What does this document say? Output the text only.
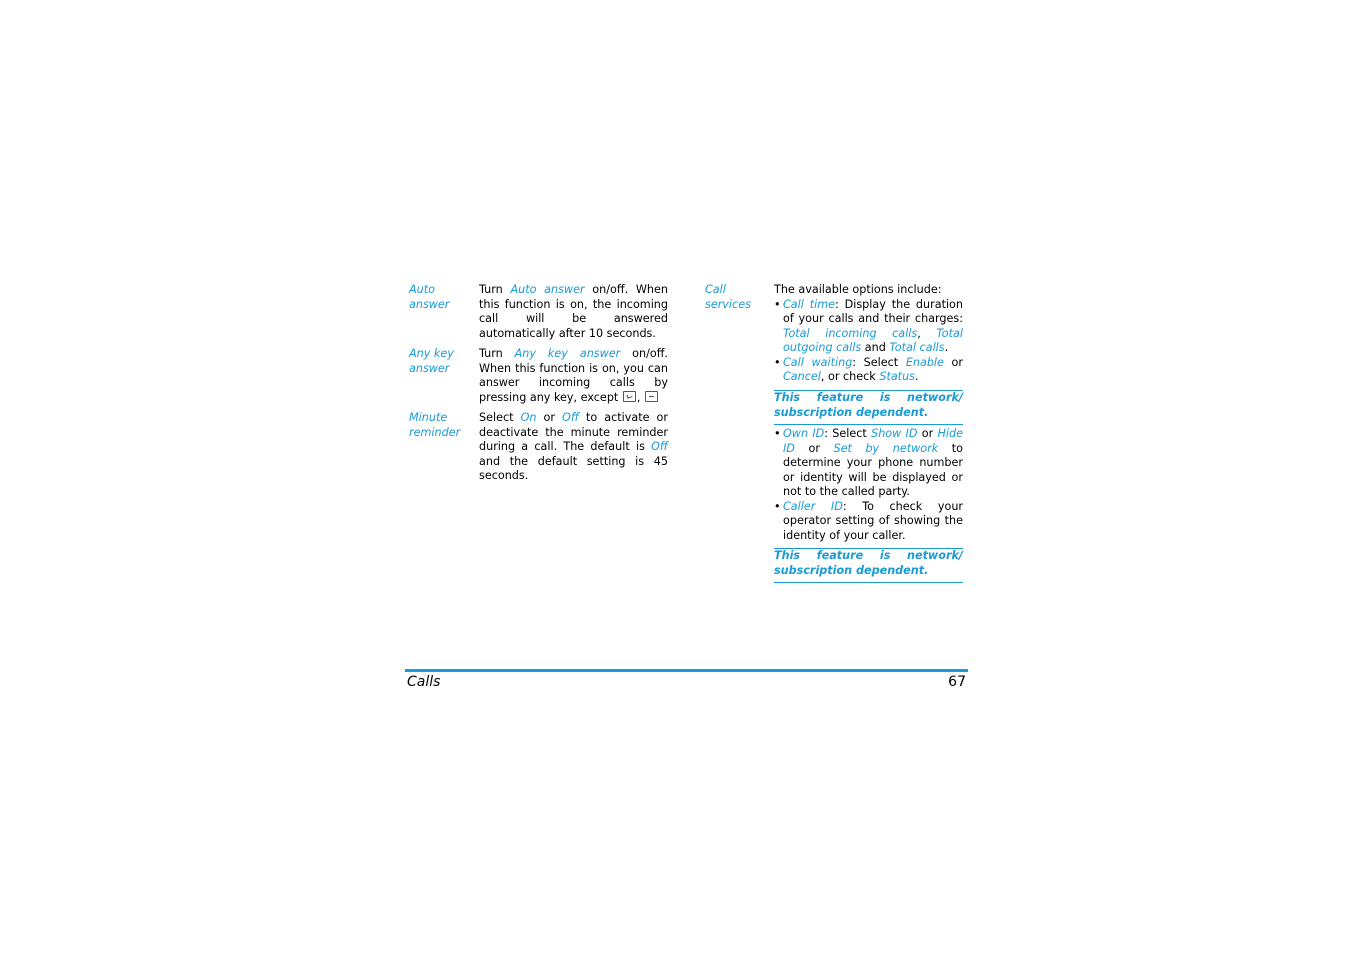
Auto answer
Turn Auto answer on/off. When this function is on, the incoming call will be answered automatically after 10 seconds.
Any key answer
Turn Any key answer on/off. When this function is on, you can answer incoming calls by pressing any key, except ,
Minute reminder
Select On or Off to activate or deactivate the minute reminder during a call. The default is Off and the default setting is 45 seconds.
Call services
The available options include:
• Call time: Display the duration of your calls and their charges: Total incoming calls, Total outgoing calls and Total calls.
• Call waiting: Select Enable or Cancel, or check Status.
This feature is network/ subscription dependent.
• Own ID: Select Show ID or Hide ID or Set by network to determine your phone number or identity will be displayed or not to the called party.
• Caller ID: To check your operator setting of showing the identity of your caller.
This feature is network/ subscription dependent.
Calls	67
